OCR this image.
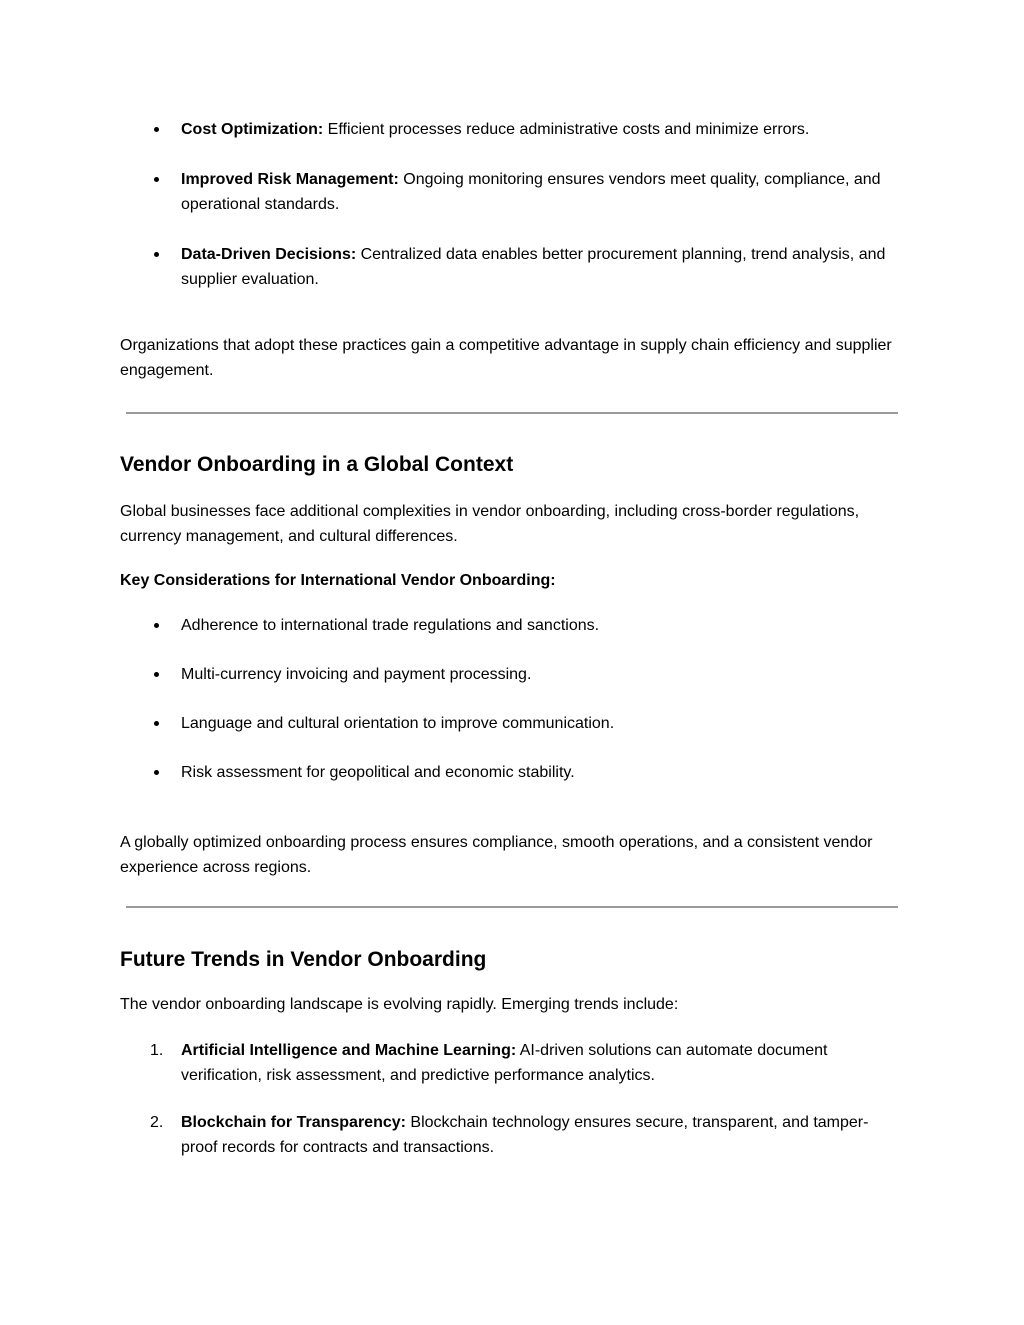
Cost Optimization: Efficient processes reduce administrative costs and minimize errors.
Improved Risk Management: Ongoing monitoring ensures vendors meet quality, compliance, and operational standards.
Data-Driven Decisions: Centralized data enables better procurement planning, trend analysis, and supplier evaluation.

Organizations that adopt these practices gain a competitive advantage in supply chain efficiency and supplier engagement.

Vendor Onboarding in a Global Context

Global businesses face additional complexities in vendor onboarding, including cross-border regulations, currency management, and cultural differences.

Key Considerations for International Vendor Onboarding:

Adherence to international trade regulations and sanctions.
Multi-currency invoicing and payment processing.
Language and cultural orientation to improve communication.
Risk assessment for geopolitical and economic stability.

A globally optimized onboarding process ensures compliance, smooth operations, and a consistent vendor experience across regions.

Future Trends in Vendor Onboarding

The vendor onboarding landscape is evolving rapidly. Emerging trends include:

1.	Artificial Intelligence and Machine Learning: AI-driven solutions can automate document verification, risk assessment, and predictive performance analytics.
2.	Blockchain for Transparency: Blockchain technology ensures secure, transparent, and tamper-proof records for contracts and transactions.
